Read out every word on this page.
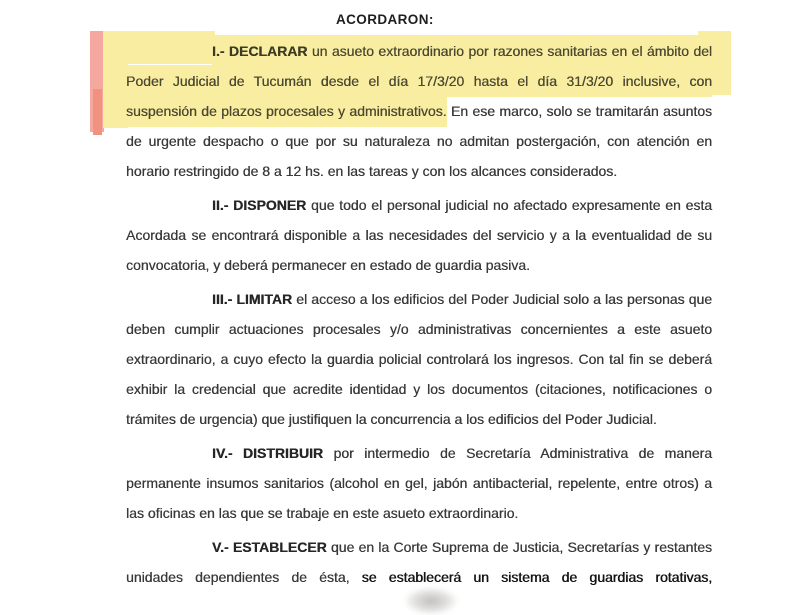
ACORDARON:

I.- DECLARAR un asueto extraordinario por razones sanitarias en el ámbito del Poder Judicial de Tucumán desde el día 17/3/20 hasta el día 31/3/20 inclusive, con suspensión de plazos procesales y administrativos. En ese marco, solo se tramitarán asuntos de urgente despacho o que por su naturaleza no admitan postergación, con atención en horario restringido de 8 a 12 hs. en las tareas y con los alcances considerados.

II.- DISPONER que todo el personal judicial no afectado expresamente en esta Acordada se encontrará disponible a las necesidades del servicio y a la eventualidad de su convocatoria, y deberá permanecer en estado de guardia pasiva.

III.- LIMITAR el acceso a los edificios del Poder Judicial solo a las personas que deben cumplir actuaciones procesales y/o administrativas concernientes a este asueto extraordinario, a cuyo efecto la guardia policial controlará los ingresos. Con tal fin se deberá exhibir la credencial que acredite identidad y los documentos (citaciones, notificaciones o trámites de urgencia) que justifiquen la concurrencia a los edificios del Poder Judicial.

IV.- DISTRIBUIR por intermedio de Secretaría Administrativa de manera permanente insumos sanitarios (alcohol en gel, jabón antibacterial, repelente, entre otros) a las oficinas en las que se trabaje en este asueto extraordinario.

V.- ESTABLECER que en la Corte Suprema de Justicia, Secretarías y restantes unidades dependientes de ésta, se establecerá un sistema de guardias rotativas,
